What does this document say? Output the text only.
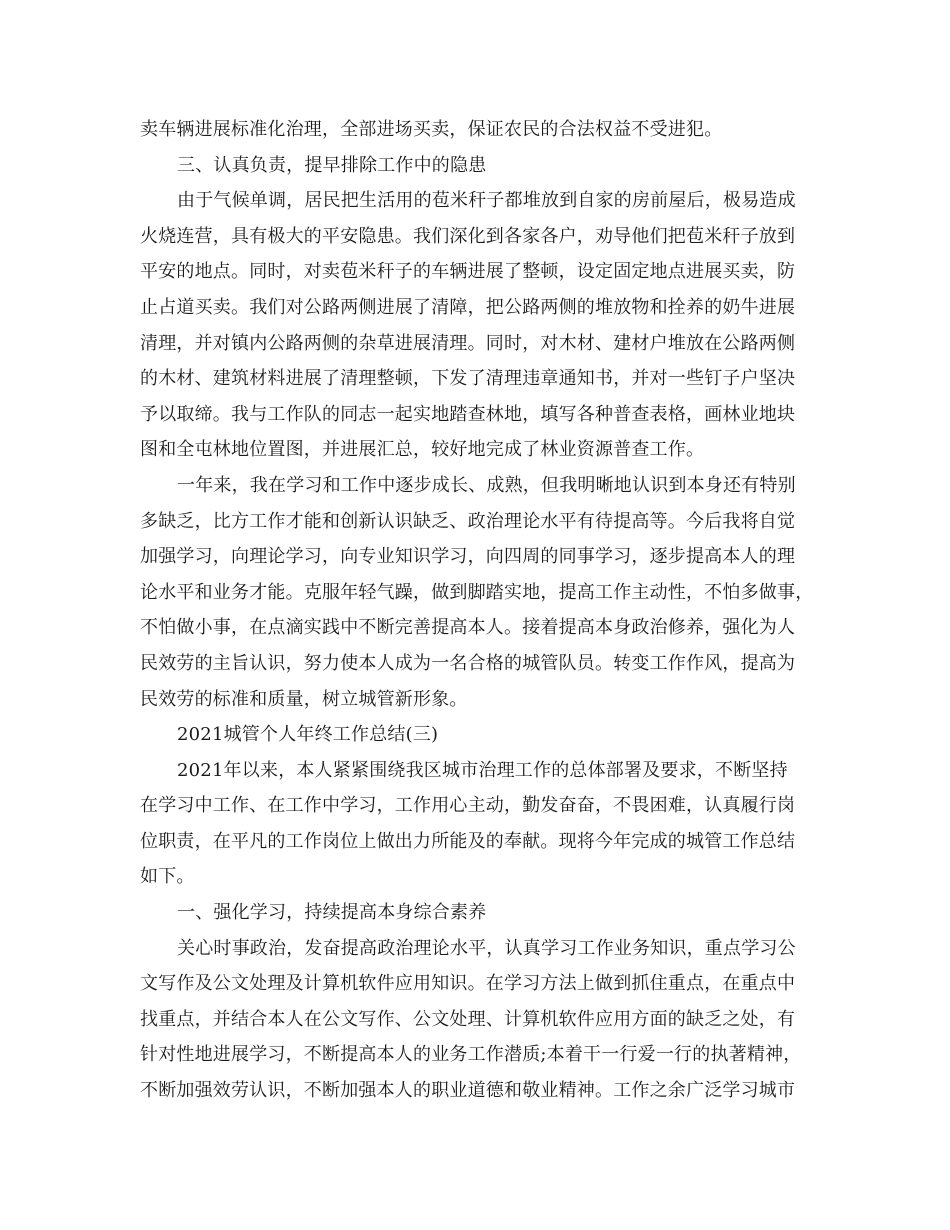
卖车辆进展标准化治理，全部进场买卖，保证农民的合法权益不受进犯。
三、认真负责，提早排除工作中的隐患
由于气候单调，居民把生活用的苞米秆子都堆放到自家的房前屋后，极易造成
火烧连营，具有极大的平安隐患。我们深化到各家各户，劝导他们把苞米秆子放到
平安的地点。同时，对卖苞米秆子的车辆进展了整顿，设定固定地点进展买卖，防
止占道买卖。我们对公路两侧进展了清障，把公路两侧的堆放物和拴养的奶牛进展
清理，并对镇内公路两侧的杂草进展清理。同时，对木材、建材户堆放在公路两侧
的木材、建筑材料进展了清理整顿，下发了清理违章通知书，并对一些钉子户坚决
予以取缔。我与工作队的同志一起实地踏查林地，填写各种普查表格，画林业地块
图和全屯林地位置图，并进展汇总，较好地完成了林业资源普查工作。
一年来，我在学习和工作中逐步成长、成熟，但我明晰地认识到本身还有特别
多缺乏，比方工作才能和创新认识缺乏、政治理论水平有待提高等。今后我将自觉
加强学习，向理论学习，向专业知识学习，向四周的同事学习，逐步提高本人的理
论水平和业务才能。克服年轻气躁，做到脚踏实地，提高工作主动性，不怕多做事，
不怕做小事，在点滴实践中不断完善提高本人。接着提高本身政治修养，强化为人
民效劳的主旨认识，努力使本人成为一名合格的城管队员。转变工作作风，提高为
民效劳的标准和质量，树立城管新形象。
2021城管个人年终工作总结(三)
2021年以来，本人紧紧围绕我区城市治理工作的总体部署及要求，不断坚持
在学习中工作、在工作中学习，工作用心主动，勤发奋奋，不畏困难，认真履行岗
位职责，在平凡的工作岗位上做出力所能及的奉献。现将今年完成的城管工作总结
如下。
一、强化学习，持续提高本身综合素养
关心时事政治，发奋提高政治理论水平，认真学习工作业务知识，重点学习公
文写作及公文处理及计算机软件应用知识。在学习方法上做到抓住重点，在重点中
找重点，并结合本人在公文写作、公文处理、计算机软件应用方面的缺乏之处，有
针对性地进展学习，不断提高本人的业务工作潜质;本着干一行爱一行的执著精神，
不断加强效劳认识，不断加强本人的职业道德和敬业精神。工作之余广泛学习城市
